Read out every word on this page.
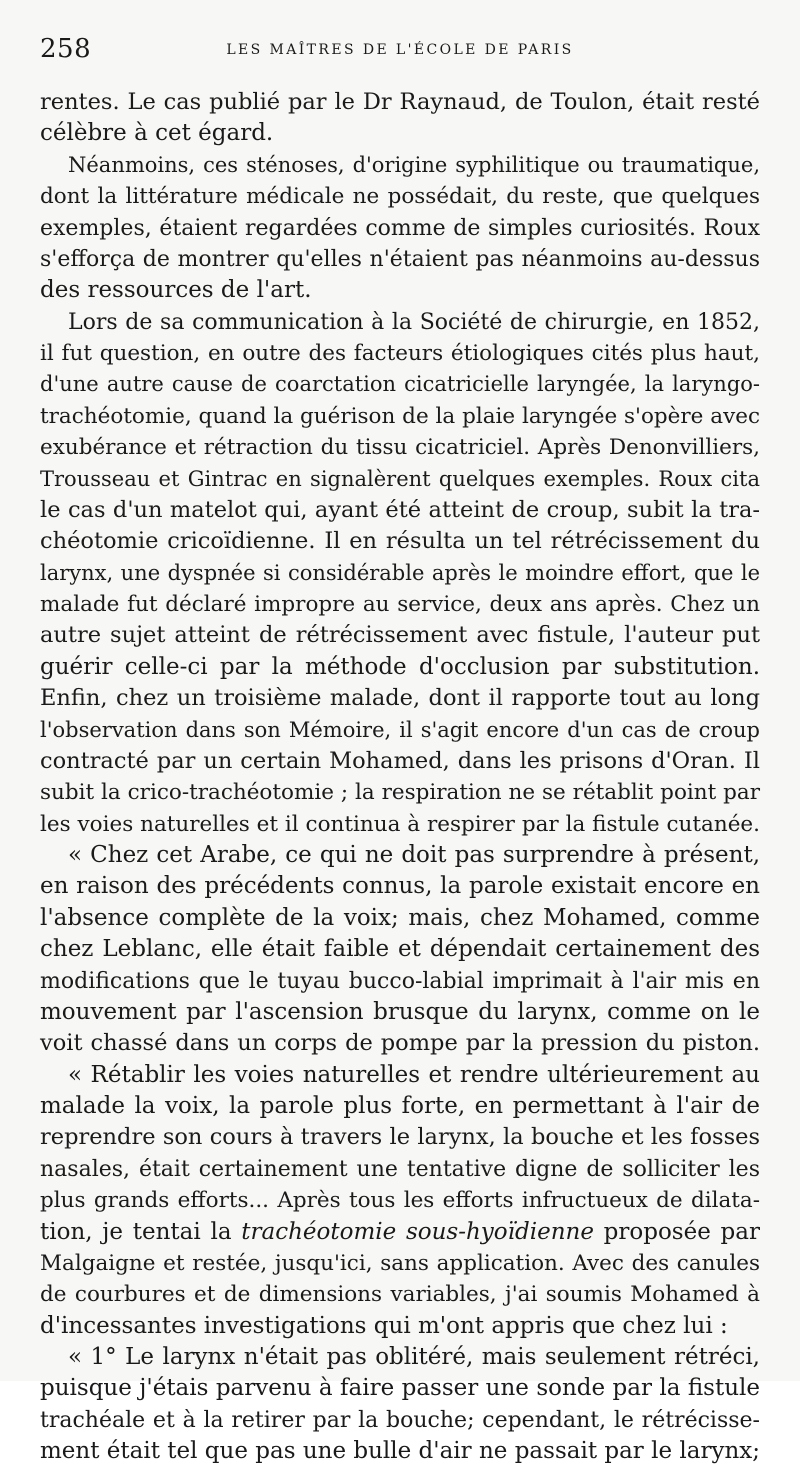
258	LES MAÎTRES DE L'ÉCOLE DE PARIS
rentes. Le cas publié par le Dr Raynaud, de Toulon, était resté
célèbre à cet égard.
Néanmoins, ces sténoses, d'origine syphilitique ou traumatique,
dont la littérature médicale ne possédait, du reste, que quelques
exemples, étaient regardées comme de simples curiosités. Roux
s'efforça de montrer qu'elles n'étaient pas néanmoins au-dessus
des ressources de l'art.
Lors de sa communication à la Société de chirurgie, en 1852,
il fut question, en outre des facteurs étiologiques cités plus haut,
d'une autre cause de coarctation cicatricielle laryngée, la laryngo-
trachéotomie, quand la guérison de la plaie laryngée s'opère avec
exubérance et rétraction du tissu cicatriciel. Après Denonvilliers,
Trousseau et Gintrac en signalèrent quelques exemples. Roux cita
le cas d'un matelot qui, ayant été atteint de croup, subit la tra-
chéotomie cricoïdienne. Il en résulta un tel rétrécissement du
larynx, une dyspnée si considérable après le moindre effort, que le
malade fut déclaré impropre au service, deux ans après. Chez un
autre sujet atteint de rétrécissement avec fistule, l'auteur put
guérir celle-ci par la méthode d'occlusion par substitution.
Enfin, chez un troisième malade, dont il rapporte tout au long
l'observation dans son Mémoire, il s'agit encore d'un cas de croup
contracté par un certain Mohamed, dans les prisons d'Oran. Il
subit la crico-trachéotomie ; la respiration ne se rétablit point par
les voies naturelles et il continua à respirer par la fistule cutanée.
« Chez cet Arabe, ce qui ne doit pas surprendre à présent,
en raison des précédents connus, la parole existait encore en
l'absence complète de la voix; mais, chez Mohamed, comme
chez Leblanc, elle était faible et dépendait certainement des
modifications que le tuyau bucco-labial imprimait à l'air mis en
mouvement par l'ascension brusque du larynx, comme on le
voit chassé dans un corps de pompe par la pression du piston.
« Rétablir les voies naturelles et rendre ultérieurement au
malade la voix, la parole plus forte, en permettant à l'air de
reprendre son cours à travers le larynx, la bouche et les fosses
nasales, était certainement une tentative digne de solliciter les
plus grands efforts... Après tous les efforts infructueux de dilata-
tion, je tentai la trachéotomie sous-hyoïdienne proposée par
Malgaigne et restée, jusqu'ici, sans application. Avec des canules
de courbures et de dimensions variables, j'ai soumis Mohamed à
d'incessantes investigations qui m'ont appris que chez lui :
« 1° Le larynx n'était pas oblitéré, mais seulement rétréci,
puisque j'étais parvenu à faire passer une sonde par la fistule
trachéale et à la retirer par la bouche; cependant, le rétrécisse-
ment était tel que pas une bulle d'air ne passait par le larynx;
